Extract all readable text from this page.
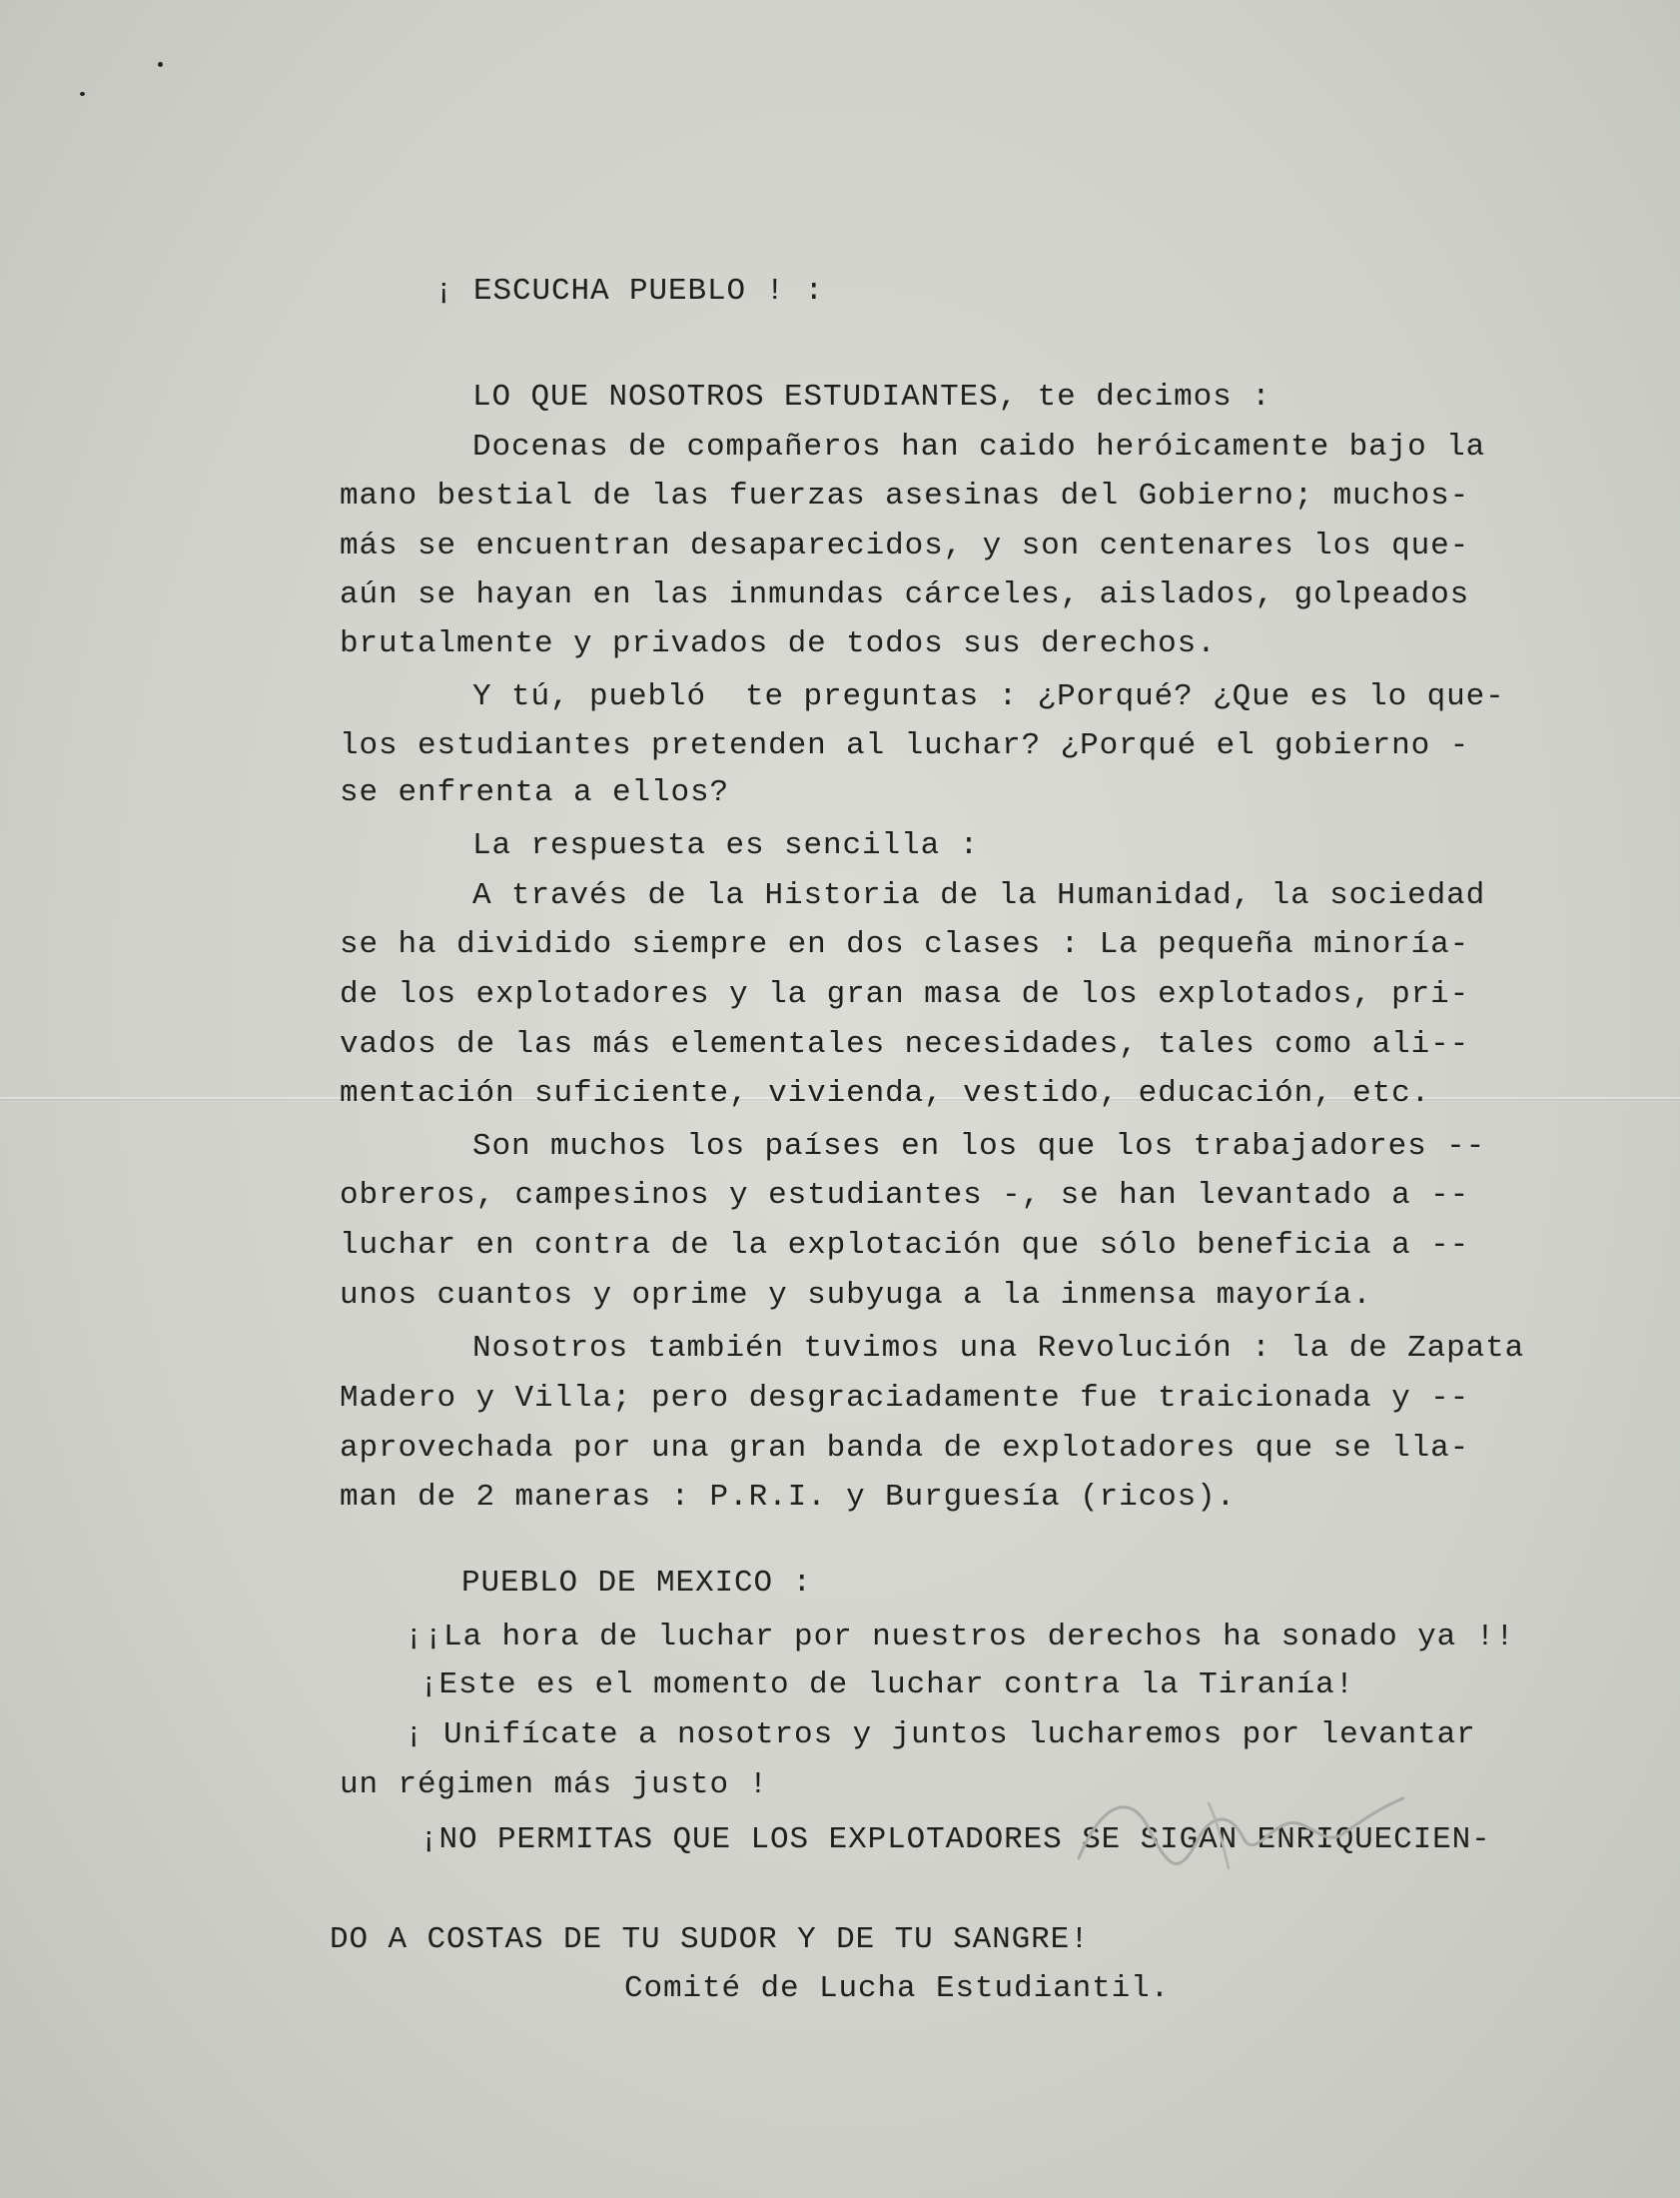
¡ ESCUCHA PUEBLO ! :
LO QUE NOSOTROS ESTUDIANTES, te decimos :
Docenas de compañeros han caido heróicamente bajo la
mano bestial de las fuerzas asesinas del Gobierno; muchos-
más se encuentran desaparecidos, y son centenares los que-
aún se hayan en las inmundas cárceles, aislados, golpeados
brutalmente y privados de todos sus derechos.
Y tú, puebló  te preguntas : ¿Porqué? ¿Que es lo que-
los estudiantes pretenden al luchar? ¿Porqué el gobierno -
se enfrenta a ellos?
La respuesta es sencilla :
A través de la Historia de la Humanidad, la sociedad
se ha dividido siempre en dos clases : La pequeña minoría-
de los explotadores y la gran masa de los explotados, pri-
vados de las más elementales necesidades, tales como ali--
mentación suficiente, vivienda, vestido, educación, etc.
Son muchos los países en los que los trabajadores --
obreros, campesinos y estudiantes -, se han levantado a --
luchar en contra de la explotación que sólo beneficia a --
unos cuantos y oprime y subyuga a la inmensa mayoría.
Nosotros también tuvimos una Revolución : la de Zapata
Madero y Villa; pero desgraciadamente fue traicionada y --
aprovechada por una gran banda de explotadores que se lla-
man de 2 maneras : P.R.I. y Burguesía (ricos).
PUEBLO DE MEXICO :
¡¡La hora de luchar por nuestros derechos ha sonado ya !!
¡Este es el momento de luchar contra la Tiranía!
¡ Unifícate a nosotros y juntos lucharemos por levantar
un régimen más justo !
¡NO PERMITAS QUE LOS EXPLOTADORES SE SIGAN ENRIQUECIEN-
DO A COSTAS DE TU SUDOR Y DE TU SANGRE!
Comité de Lucha Estudiantil.
